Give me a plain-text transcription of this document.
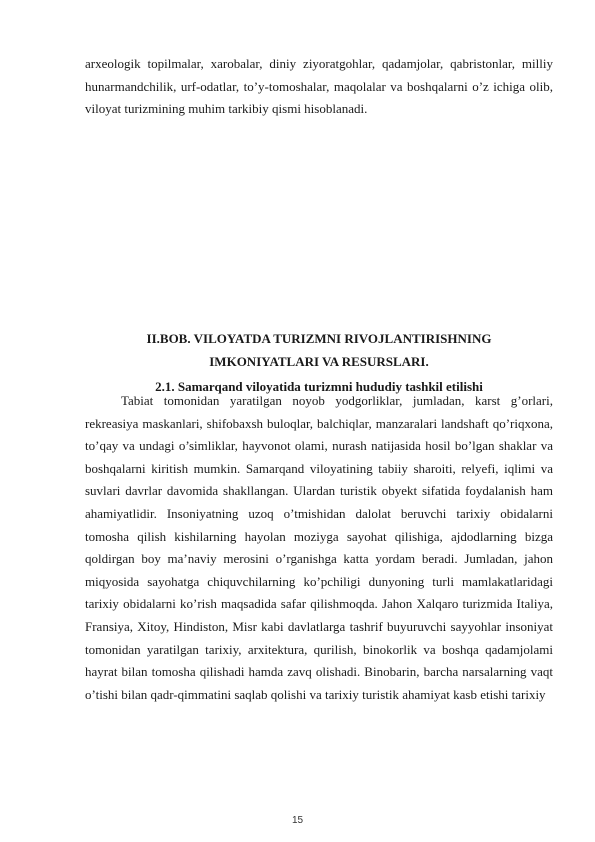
arxeologik topilmalar, xarobalar, diniy ziyoratgohlar, qadamjolar, qabristonlar, milliy hunarmandchilik, urf-odatlar, to’y-tomoshalar, maqolalar va boshqalarni o’z ichiga olib, viloyat turizmining muhim tarkibiy qismi hisoblanadi.

II.BOB. VILOYATDA TURIZMNI RIVOJLANTIRISHNING
IMKONIYATLARI VA RESURSLARI.

2.1. Samarqand viloyatida turizmni hududiy tashkil etilishi

Tabiat tomonidan yaratilgan noyob yodgorliklar, jumladan, karst g’orlari, rekreasiya maskanlari, shifobaxsh buloqlar, balchiqlar, manzaralari landshaft qo’riqxona, to’qay va undagi o’simliklar, hayvonot olami, nurash natijasida hosil bo’lgan shaklar va boshqalarni kiritish mumkin. Samarqand viloyatining tabiiy sharoiti, relyefi, iqlimi va suvlari davrlar davomida shakllangan. Ulardan turistik obyekt sifatida foydalanish ham ahamiyatlidir. Insoniyatning uzoq o’tmishidan dalolat beruvchi tarixiy obidalarni tomosha qilish kishilarning hayolan moziyga sayohat qilishiga, ajdodlarning bizga qoldirgan boy ma’naviy merosini o’rganishga katta yordam beradi. Jumladan, jahon miqyosida sayohatga chiquvchilarning ko’pchiligi dunyoning turli mamlakatlaridagi tarixiy obidalarni ko’rish maqsadida safar qilishmoqda. Jahon Xalqaro turizmida Italiya, Fransiya, Xitoy, Hindiston, Misr kabi davlatlarga tashrif buyuruvchi sayyohlar insoniyat tomonidan yaratilgan tarixiy, arxitektura, qurilish, binokorlik va boshqa qadamjolami hayrat bilan tomosha qilishadi hamda zavq olishadi. Binobarin, barcha narsalarning vaqt o’tishi bilan qadr-qimmatini saqlab qolishi va tarixiy turistik ahamiyat kasb etishi tarixiy

15
